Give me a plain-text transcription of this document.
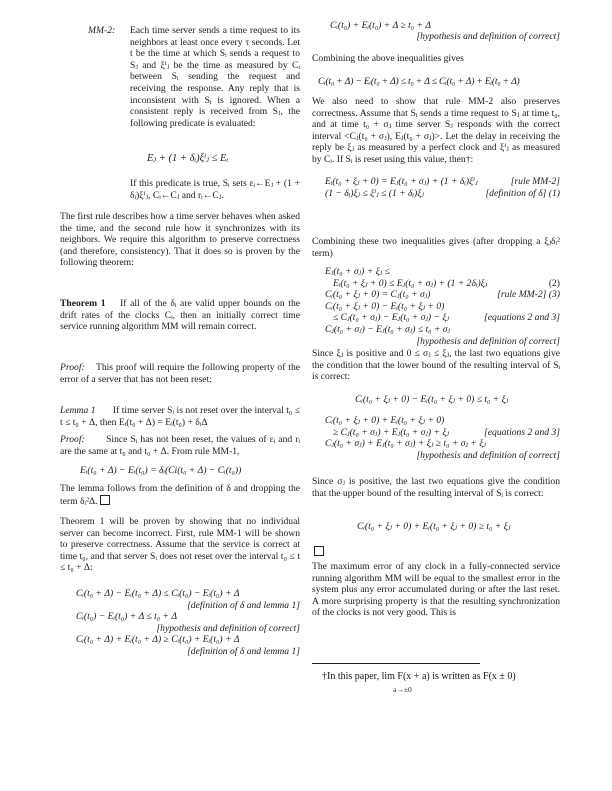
MM-2: Each time server sends a time request to its neighbors at least once every τ seconds. Let t be the time at which Sᵢ sends a request to Sⱼ and ξⁱⱼ be the time as measured by Cᵢ between Sᵢ sending the request and receiving the response. Any reply that is inconsistent with Sᵢ is ignored. When a consistent reply is received from Sⱼ, the following predicate is evaluated:
Eⱼ + (1 + δᵢ)ξⁱⱼ ≤ Eᵢ
If this predicate is true, Sᵢ sets εᵢ←Eⱼ + (1 + δᵢ)ξⁱⱼ, Cᵢ←Cⱼ and rᵢ←Cⱼ.
The first rule describes how a time server behaves when asked the time, and the second rule how it synchronizes with its neighbors. We require this algorithm to preserve correctness (and therefore, consistency). That it does so is proven by the following theorem:
Theorem 1 If all of the δᵢ are valid upper bounds on the drift rates of the clocks Cᵢ, then an initially correct time service running algorithm MM will remain correct.
Proof: This proof will require the following property of the error of a server that has not been reset:
Lemma 1 If time server Sᵢ is not reset over the interval t₀ ≤ t ≤ t₀ + Δ, then Eᵢ(t₀ + Δ) = Eᵢ(t₀) + δᵢΔ
Proof: Since Sᵢ has not been reset, the values of εᵢ and rᵢ are the same at t₀ and t₀ + Δ. From rule MM-1,
Eᵢ(t₀ + Δ) − Eᵢ(t₀) = δᵢ(Ci(t₀ + Δ) − Cᵢ(t₀))
The lemma follows from the definition of δ and dropping the term δᵢ²Δ.
Theorem 1 will be proven by showing that no individual server can become incorrect. First, rule MM-1 will be shown to preserve correctness. Assume that the service is correct at time t₀, and that server Sᵢ does not reset over the interval t₀ ≤ t ≤ t₀ + Δ:
Cᵢ(t₀ + Δ) − Eᵢ(t₀ + Δ) ≤ Cᵢ(t₀) − Eᵢ(t₀) + Δ
[definition of δ and lemma 1]
Cᵢ(t₀) − Eᵢ(t₀) + Δ ≤ t₀ + Δ
[hypothesis and definition of correct]
Cᵢ(t₀ + Δ) + Eᵢ(t₀ + Δ) ≥ Cᵢ(t₀) + Eᵢ(t₀) + Δ
[definition of δ and lemma 1]
Cᵢ(t₀) + Eᵢ(t₀) + Δ ≥ t₀ + Δ
[hypothesis and definition of correct]
Combining the above inequalities gives
Cᵢ(t₀ + Δ) − Eᵢ(t₀ + Δ) ≤ t₀ + Δ ≤ Cᵢ(t₀ + Δ) + Eᵢ(t₀ + Δ)
We also need to show that rule MM-2 also preserves correctness. Assume that Sᵢ sends a time request to Sⱼ at time t₀, and at time t₀ + σⱼ time server Sⱼ responds with the correct interval <Cⱼ(t₀ + σⱼ), Eⱼ(t₀ + σⱼ)>. Let the delay in receiving the reply be ξⱼ as measured by a perfect clock and ξⁱⱼ as measured by Cᵢ. If Sᵢ is reset using this value, then†:
Eᵢ(t₀ + ξⱼ + 0) = Eⱼ(t₀ + σⱼ) + (1 + δᵢ)ξⁱⱼ	[rule MM-2]
(1 − δᵢ)ξⱼ ≤ ξⁱⱼ ≤ (1 + δᵢ)ξⱼ	[definition of δ] (1)
Combining these two inequalities gives (after dropping a ξⱼδᵢ² term)
Eⱼ(t₀ + σⱼ) + ξⱼ ≤
Eᵢ(t₀ + ξⱼ + 0) ≤ Eⱼ(t₀ + σⱼ) + (1 + 2δᵢ)ξⱼ	(2)
Cᵢ(t₀ + ξⱼ + 0) = Cⱼ(t₀ + σⱼ)	[rule MM-2] (3)
Cᵢ(t₀ + ξⱼ + 0) − Eᵢ(t₀ + ξⱼ + 0)
≤ Cⱼ(t₀ + σⱼ) − Eⱼ(t₀ + σⱼ) − ξⱼ	[equations 2 and 3]
Cⱼ(t₀ + σⱼ) − Eⱼ(t₀ + σⱼ) ≤ t₀ + σⱼ
[hypothesis and definition of correct]
Since ξⱼ is positive and 0 ≤ σⱼ ≤ ξⱼ, the last two equations give the condition that the lower bound of the resulting interval of Sᵢ is correct:
Cᵢ(t₀ + ξⱼ + 0) − Eᵢ(t₀ + ξⱼ + 0) ≤ t₀ + ξⱼ
Cᵢ(t₀ + ξⱼ + 0) + Eᵢ(t₀ + ξⱼ + 0)
≥ Cⱼ(t₀ + σⱼ) + Eⱼ(t₀ + σⱼ) + ξⱼ	[equations 2 and 3]
Cⱼ(t₀ + σⱼ) + Eⱼ(t₀ + σⱼ) + ξⱼ ≥ t₀ + σⱼ + ξⱼ
[hypothesis and definition of correct]
Since σⱼ is positive, the last two equations give the condition that the upper bound of the resulting interval of Sᵢ is correct:
Cᵢ(t₀ + ξⱼ + 0) + Eᵢ(t₀ + ξⱼ + 0) ≥ t₀ + ξⱼ
The maximum error of any clock in a fully-connected service running algorithm MM will be equal to the smallest error in the system plus any error accumulated during or after the last reset. A more surprising property is that the resulting synchronization of the clocks is not very good. This is
†In this paper, lim F(x + a) is written as F(x ± 0)
a→±0
